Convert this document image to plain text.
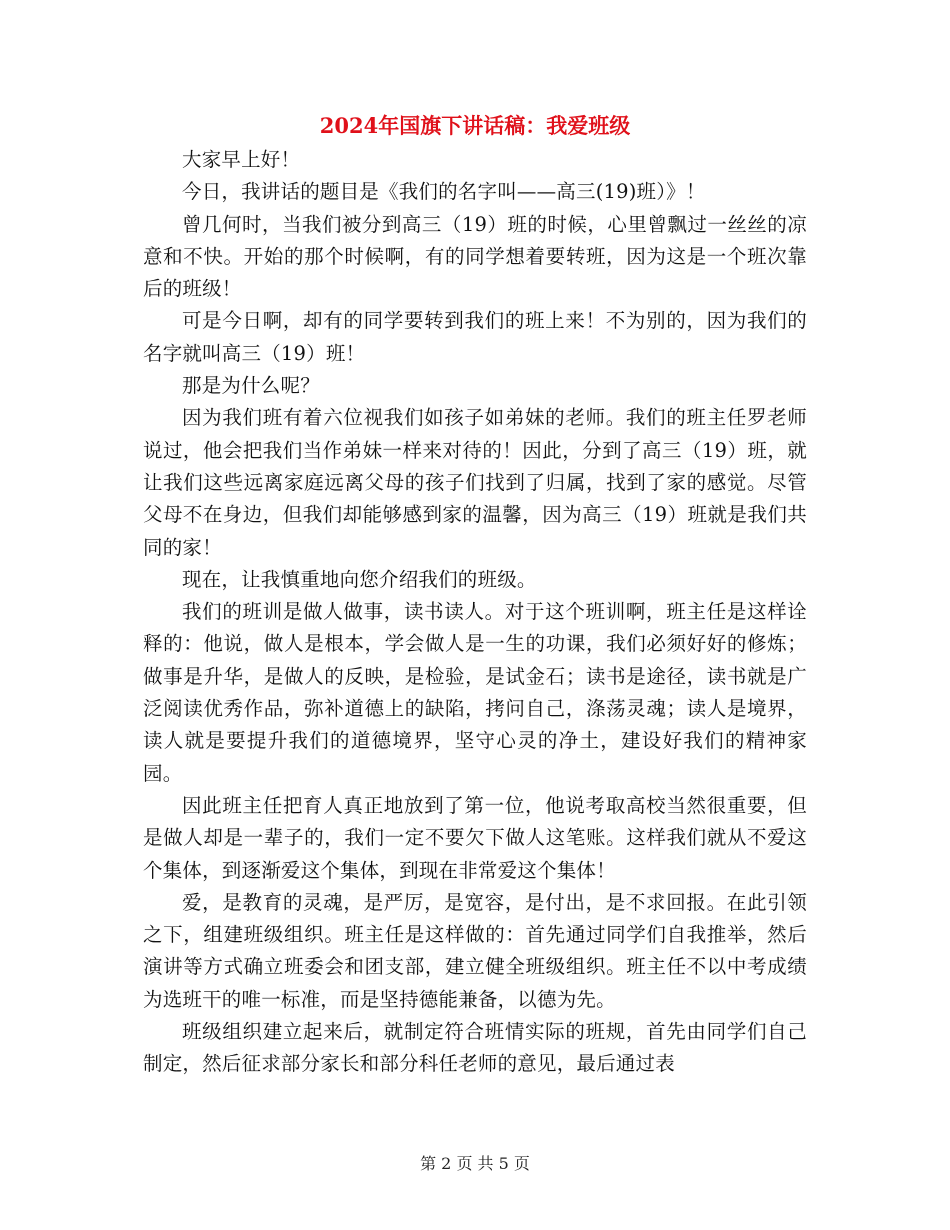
2024年国旗下讲话稿：我爱班级

大家早上好！

今日，我讲话的题目是《我们的名字叫——高三(19)班）》！

曾几何时，当我们被分到高三（19）班的时候，心里曾飘过一丝丝的凉意和不快。开始的那个时候啊，有的同学想着要转班，因为这是一个班次靠后的班级！

可是今日啊，却有的同学要转到我们的班上来！不为别的，因为我们的名字就叫高三（19）班！

那是为什么呢？

因为我们班有着六位视我们如孩子如弟妹的老师。我们的班主任罗老师说过，他会把我们当作弟妹一样来对待的！因此，分到了高三（19）班，就让我们这些远离家庭远离父母的孩子们找到了归属，找到了家的感觉。尽管父母不在身边，但我们却能够感到家的温馨，因为高三（19）班就是我们共同的家！

现在，让我慎重地向您介绍我们的班级。

我们的班训是做人做事，读书读人。对于这个班训啊，班主任是这样诠释的：他说，做人是根本，学会做人是一生的功课，我们必须好好的修炼；做事是升华，是做人的反映，是检验，是试金石；读书是途径，读书就是广泛阅读优秀作品，弥补道德上的缺陷，拷问自己，涤荡灵魂；读人是境界，读人就是要提升我们的道德境界，坚守心灵的净土，建设好我们的精神家园。

因此班主任把育人真正地放到了第一位，他说考取高校当然很重要，但是做人却是一辈子的，我们一定不要欠下做人这笔账。这样我们就从不爱这个集体，到逐渐爱这个集体，到现在非常爱这个集体！

爱，是教育的灵魂，是严厉，是宽容，是付出，是不求回报。在此引领之下，组建班级组织。班主任是这样做的：首先通过同学们自我推举，然后演讲等方式确立班委会和团支部，建立健全班级组织。班主任不以中考成绩为选班干的唯一标准，而是坚持德能兼备，以德为先。

班级组织建立起来后，就制定符合班情实际的班规，首先由同学们自己制定，然后征求部分家长和部分科任老师的意见，最后通过表

第 2 页 共 5 页
